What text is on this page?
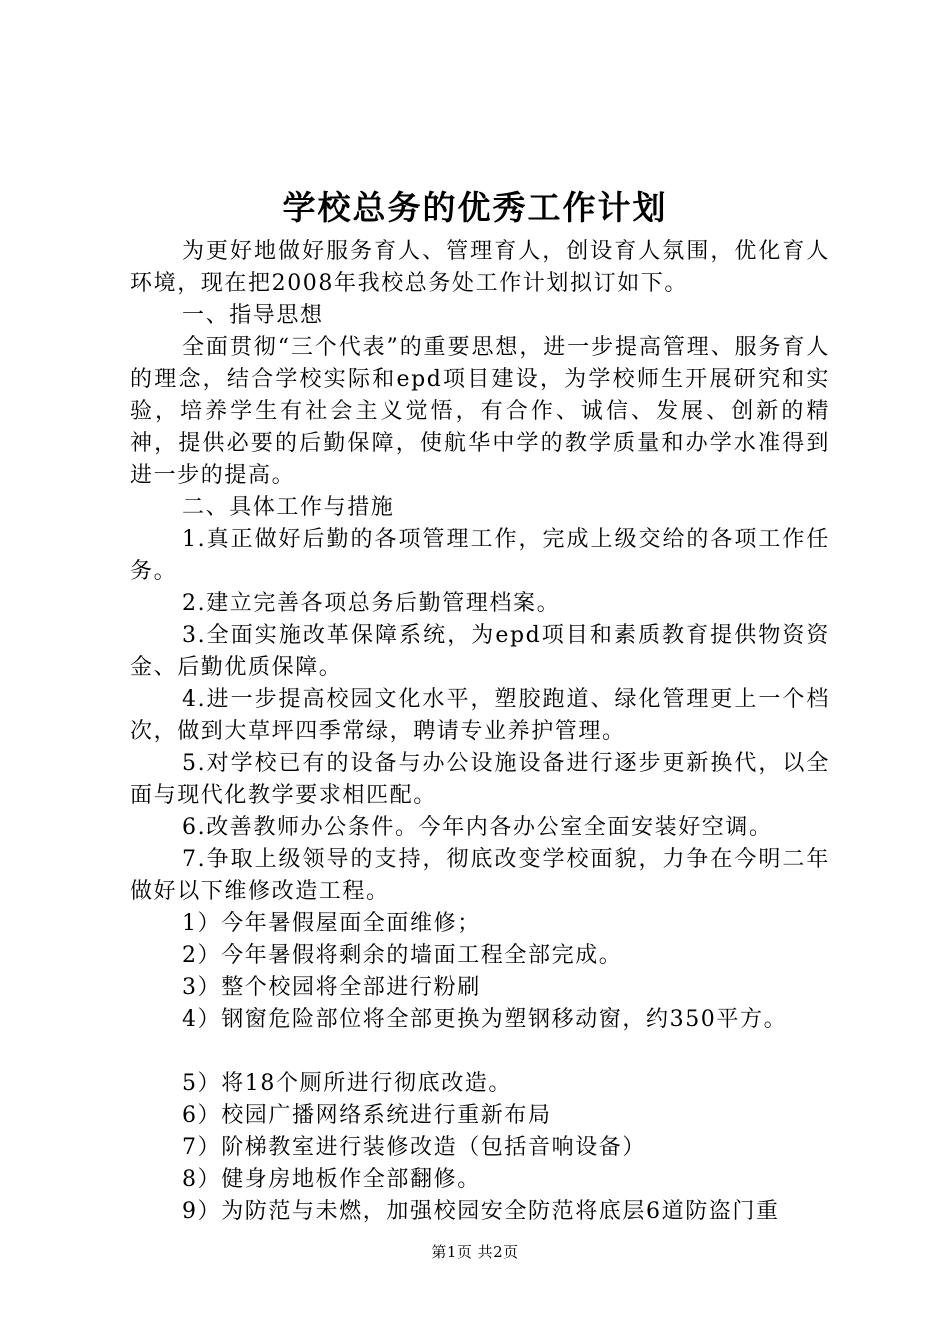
学校总务的优秀工作计划

为更好地做好服务育人、管理育人，创设育人氛围，优化育人环境，现在把2008年我校总务处工作计划拟订如下。

一、指导思想

全面贯彻“三个代表”的重要思想，进一步提高管理、服务育人的理念，结合学校实际和epd项目建设，为学校师生开展研究和实验，培养学生有社会主义觉悟，有合作、诚信、发展、创新的精神，提供必要的后勤保障，使航华中学的教学质量和办学水准得到进一步的提高。

二、具体工作与措施

1.真正做好后勤的各项管理工作，完成上级交给的各项工作任务。

2.建立完善各项总务后勤管理档案。

3.全面实施改革保障系统，为epd项目和素质教育提供物资资金、后勤优质保障。

4.进一步提高校园文化水平，塑胶跑道、绿化管理更上一个档次，做到大草坪四季常绿，聘请专业养护管理。

5.对学校已有的设备与办公设施设备进行逐步更新换代，以全面与现代化教学要求相匹配。

6.改善教师办公条件。今年内各办公室全面安装好空调。

7.争取上级领导的支持，彻底改变学校面貌，力争在今明二年做好以下维修改造工程。

1）今年暑假屋面全面维修；

2）今年暑假将剩余的墙面工程全部完成。

3）整个校园将全部进行粉刷

4）钢窗危险部位将全部更换为塑钢移动窗，约350平方。

5）将18个厕所进行彻底改造。

6）校园广播网络系统进行重新布局

7）阶梯教室进行装修改造（包括音响设备）

8）健身房地板作全部翻修。

9）为防范与未燃，加强校园安全防范将底层6道防盗门重

第1页 共2页
